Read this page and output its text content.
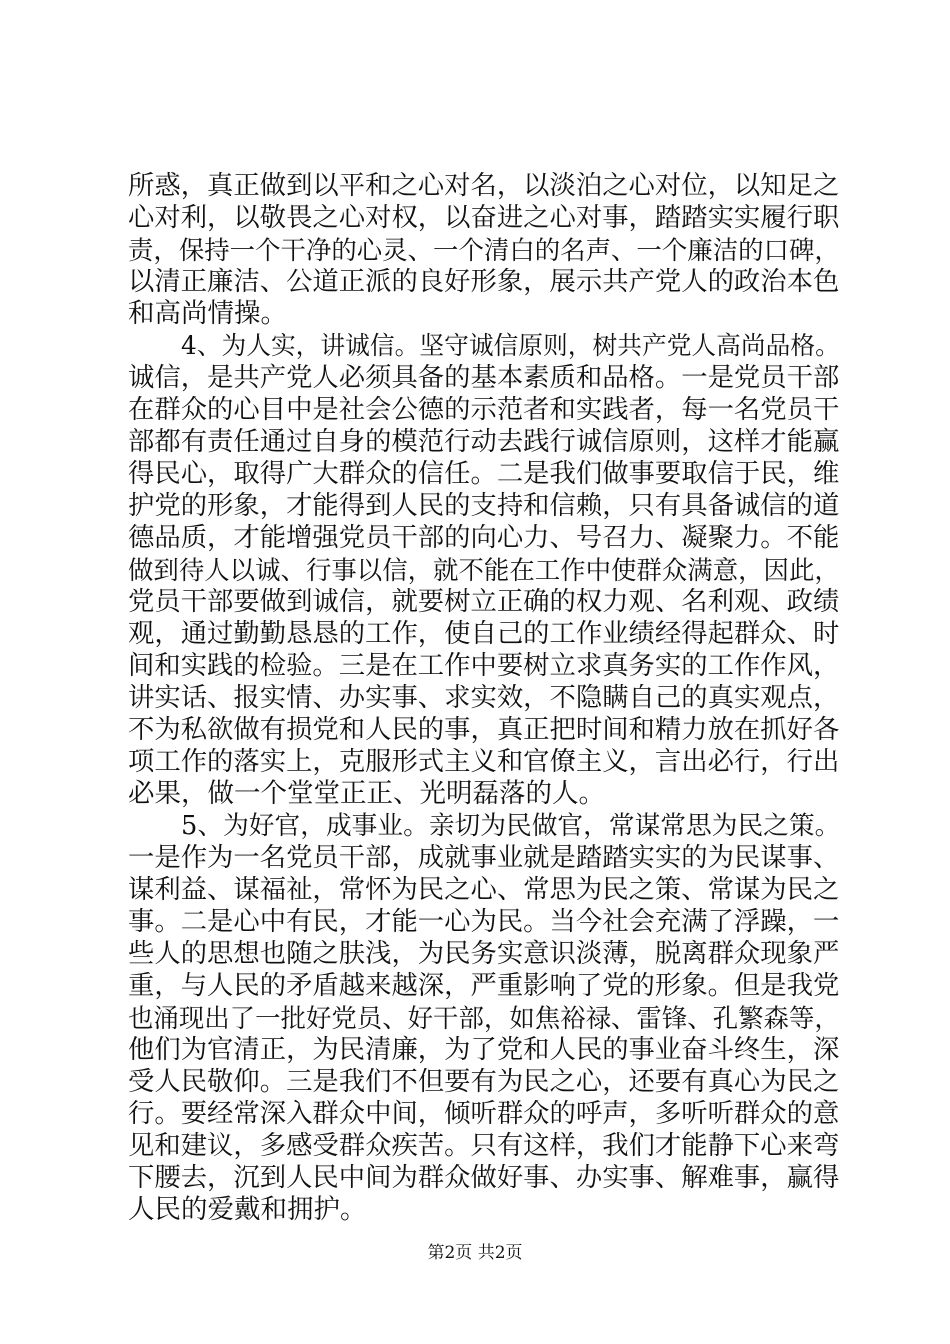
所惑，真正做到以平和之心对名，以淡泊之心对位，以知足之
心对利，以敬畏之心对权，以奋进之心对事，踏踏实实履行职
责，保持一个干净的心灵、一个清白的名声、一个廉洁的口碑，
以清正廉洁、公道正派的良好形象，展示共产党人的政治本色
和高尚情操。
4、为人实，讲诚信。坚守诚信原则，树共产党人高尚品格。
诚信，是共产党人必须具备的基本素质和品格。一是党员干部
在群众的心目中是社会公德的示范者和实践者，每一名党员干
部都有责任通过自身的模范行动去践行诚信原则，这样才能赢
得民心，取得广大群众的信任。二是我们做事要取信于民，维
护党的形象，才能得到人民的支持和信赖，只有具备诚信的道
德品质，才能增强党员干部的向心力、号召力、凝聚力。不能
做到待人以诚、行事以信，就不能在工作中使群众满意，因此，
党员干部要做到诚信，就要树立正确的权力观、名利观、政绩
观，通过勤勤恳恳的工作，使自己的工作业绩经得起群众、时
间和实践的检验。三是在工作中要树立求真务实的工作作风，
讲实话、报实情、办实事、求实效，不隐瞒自己的真实观点，
不为私欲做有损党和人民的事，真正把时间和精力放在抓好各
项工作的落实上，克服形式主义和官僚主义，言出必行，行出
必果，做一个堂堂正正、光明磊落的人。
5、为好官，成事业。亲切为民做官，常谋常思为民之策。
一是作为一名党员干部，成就事业就是踏踏实实的为民谋事、
谋利益、谋福祉，常怀为民之心、常思为民之策、常谋为民之
事。二是心中有民，才能一心为民。当今社会充满了浮躁，一
些人的思想也随之肤浅，为民务实意识淡薄，脱离群众现象严
重，与人民的矛盾越来越深，严重影响了党的形象。但是我党
也涌现出了一批好党员、好干部，如焦裕禄、雷锋、孔繁森等，
他们为官清正，为民清廉，为了党和人民的事业奋斗终生，深
受人民敬仰。三是我们不但要有为民之心，还要有真心为民之
行。要经常深入群众中间，倾听群众的呼声，多听听群众的意
见和建议，多感受群众疾苦。只有这样，我们才能静下心来弯
下腰去，沉到人民中间为群众做好事、办实事、解难事，赢得
人民的爱戴和拥护。
第2页 共2页
